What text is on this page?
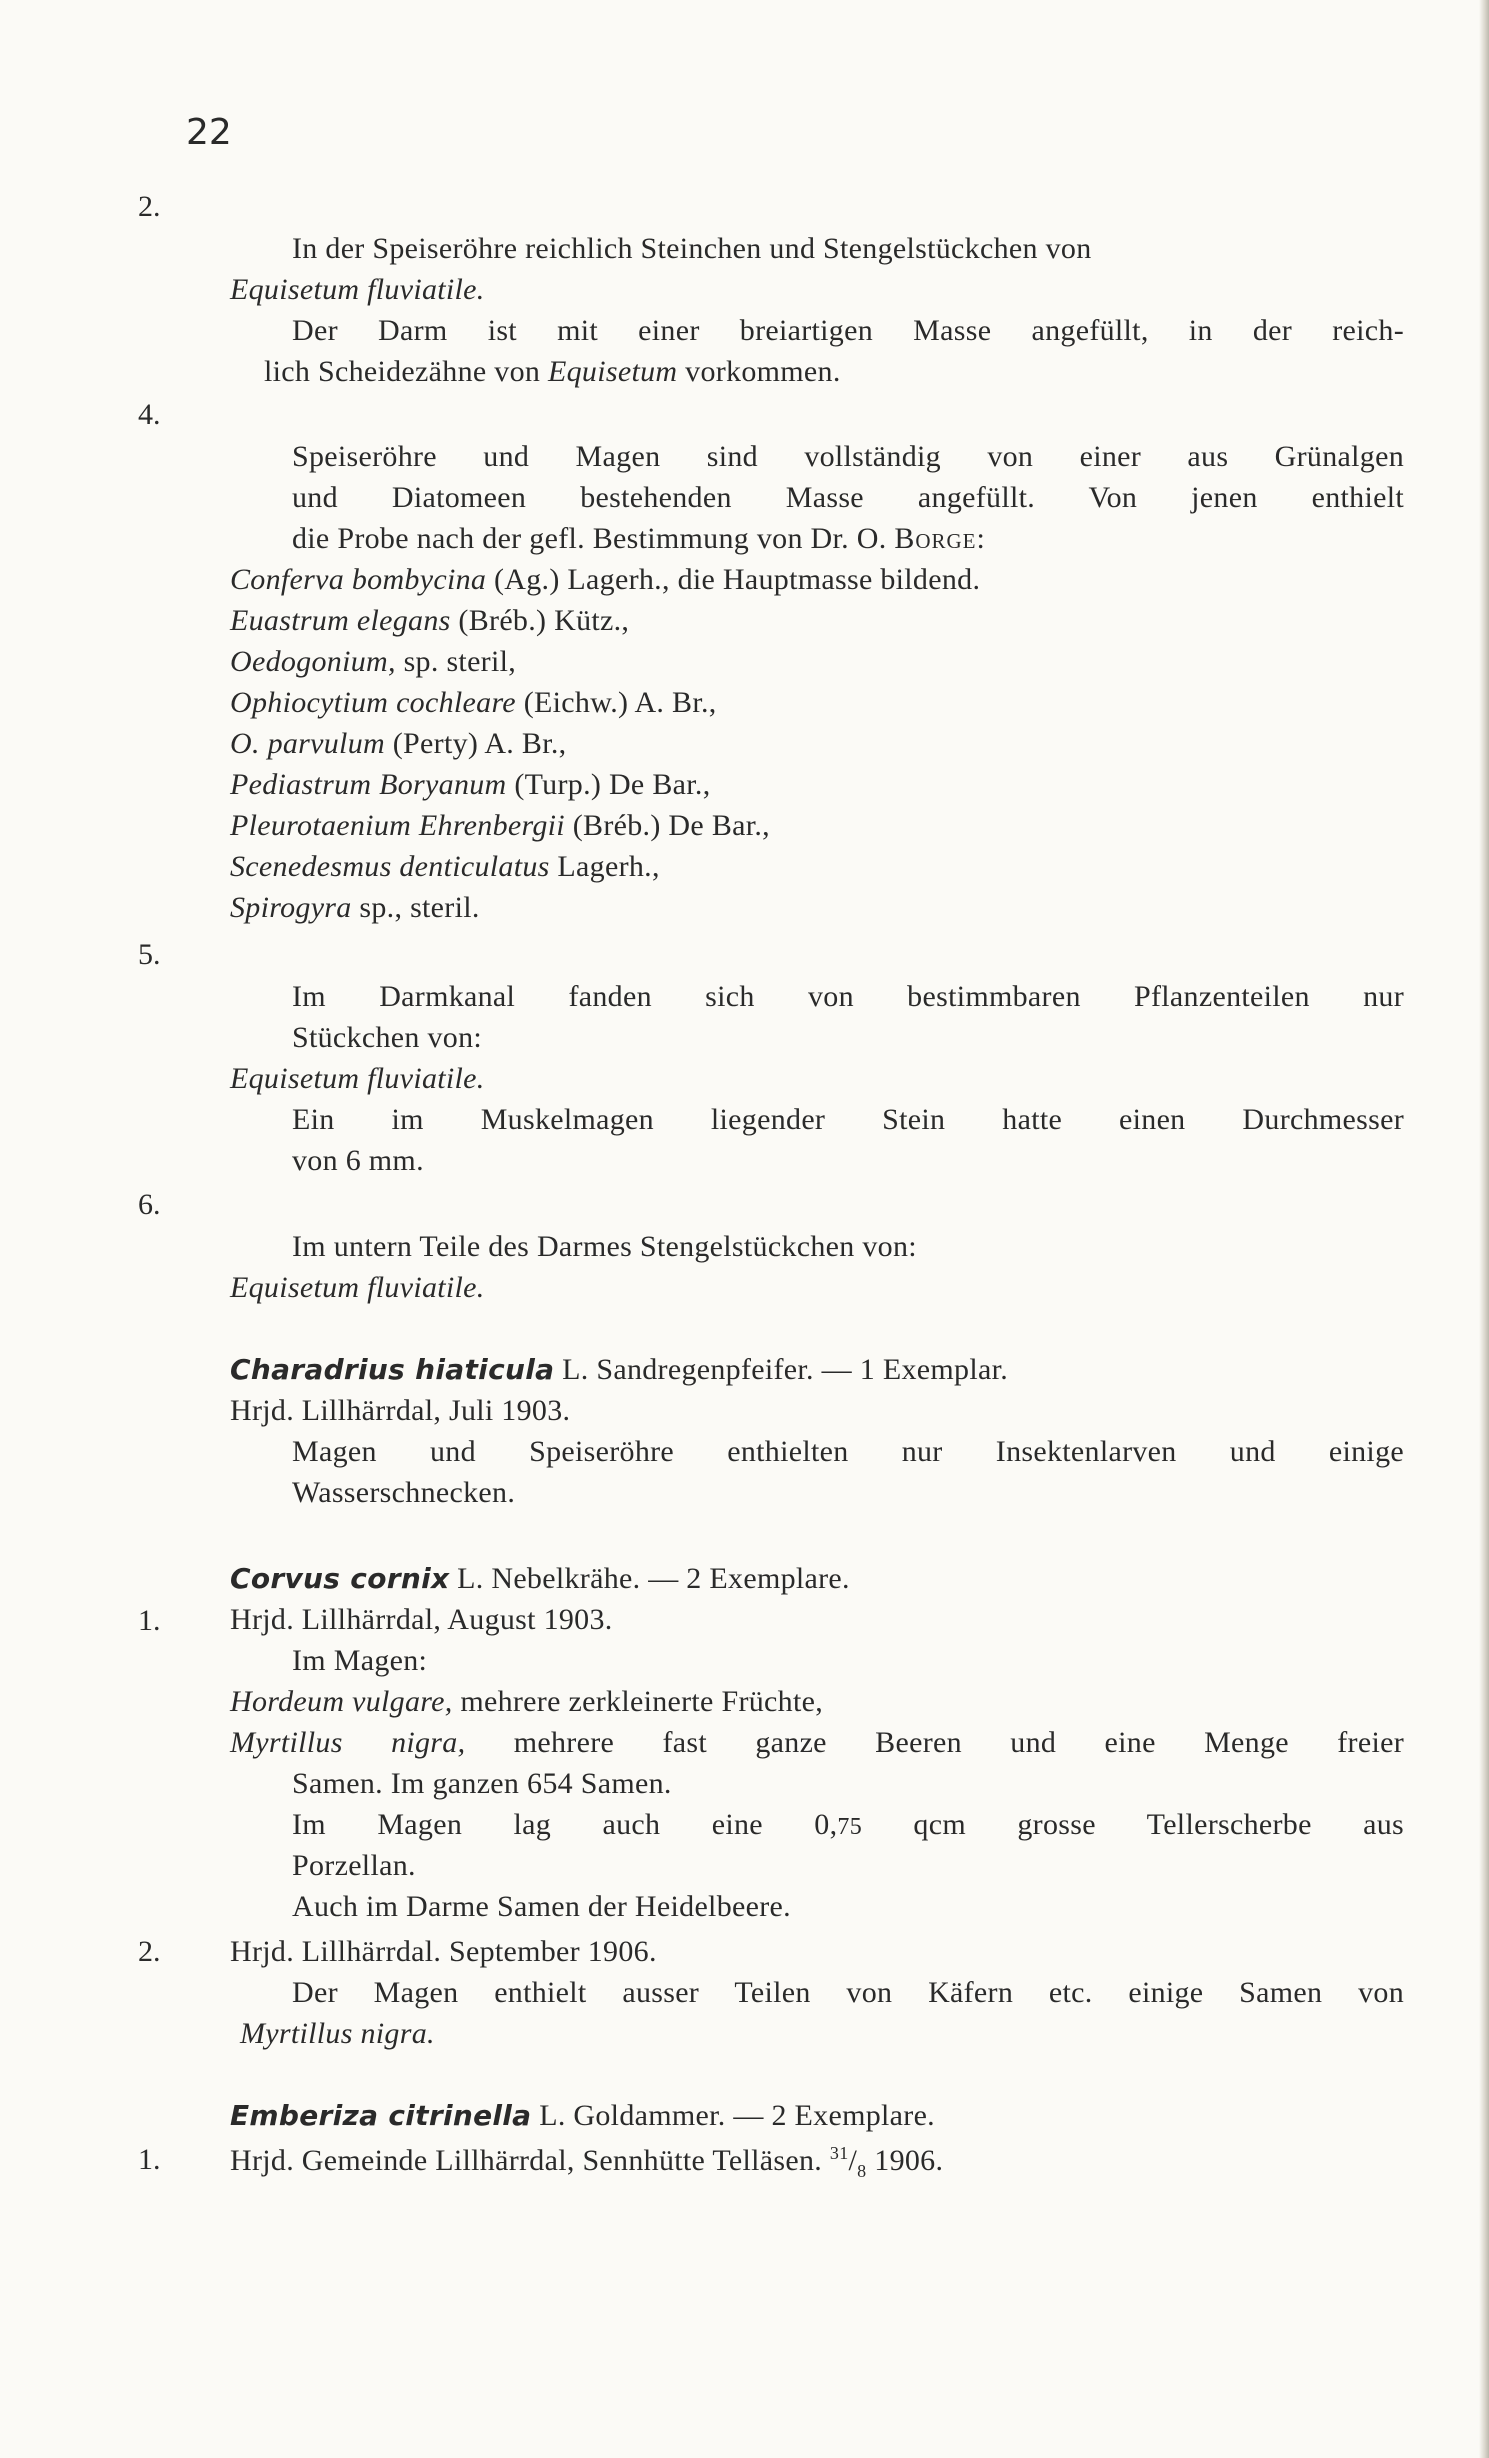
22
2.
4.
5.
6.
1.
2.
1.
In der Speiseröhre reichlich Steinchen und Stengelstückchen von
Equisetum fluviatile.
Der Darm ist mit einer breiartigen Masse angefüllt, in der reich-
lich Scheidezähne von Equisetum vorkommen.
Speiseröhre und Magen sind vollständig von einer aus Grünalgen
und Diatomeen bestehenden Masse angefüllt. Von jenen enthielt
die Probe nach der gefl. Bestimmung von Dr. O. Borge:
Conferva bombycina (Ag.) Lagerh., die Hauptmasse bildend.
Euastrum elegans (Bréb.) Kütz.,
Oedogonium, sp. steril,
Ophiocytium cochleare (Eichw.) A. Br.,
O. parvulum (Perty) A. Br.,
Pediastrum Boryanum (Turp.) De Bar.,
Pleurotaenium Ehrenbergii (Bréb.) De Bar.,
Scenedesmus denticulatus Lagerh.,
Spirogyra sp., steril.
Im Darmkanal fanden sich von bestimmbaren Pflanzenteilen nur
Stückchen von:
Equisetum fluviatile.
Ein im Muskelmagen liegender Stein hatte einen Durchmesser
von 6 mm.
Im untern Teile des Darmes Stengelstückchen von:
Equisetum fluviatile.
Charadrius hiaticula L. Sandregenpfeifer. — 1 Exemplar.
Hrjd. Lillhärrdal, Juli 1903.
Magen und Speiseröhre enthielten nur Insektenlarven und einige
Wasserschnecken.
Corvus cornix L. Nebelkrähe. — 2 Exemplare.
Hrjd. Lillhärrdal, August 1903.
Im Magen:
Hordeum vulgare, mehrere zerkleinerte Früchte,
Myrtillus nigra, mehrere fast ganze Beeren und eine Menge freier
Samen. Im ganzen 654 Samen.
Im Magen lag auch eine 0,75 qcm grosse Tellerscherbe aus
Porzellan.
Auch im Darme Samen der Heidelbeere.
Hrjd. Lillhärrdal. September 1906.
Der Magen enthielt ausser Teilen von Käfern etc. einige Samen von
Myrtillus nigra.
Emberiza citrinella L. Goldammer. — 2 Exemplare.
Hrjd. Gemeinde Lillhärrdal, Sennhütte Telläsen. $^{31}/_8$ 1906.
